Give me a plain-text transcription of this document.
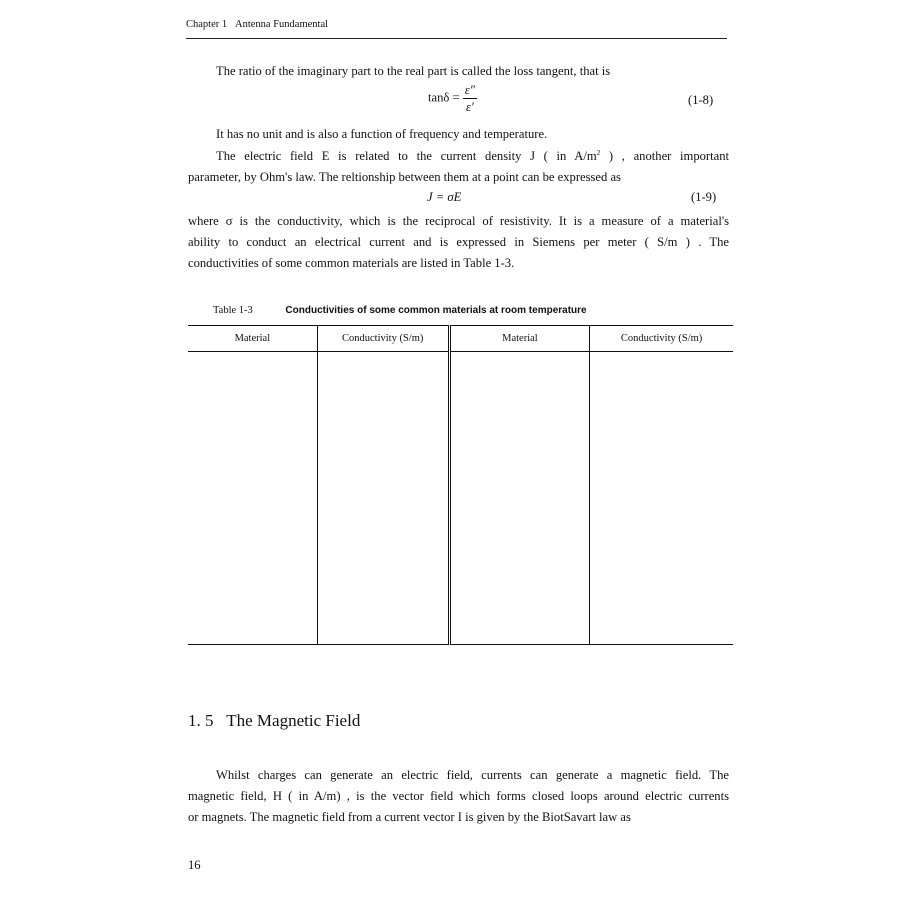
Chapter 1 Antenna Fundamental

The ratio of the imaginary part to the real part is called the loss tangent, that is

$\tan\delta = \frac{\varepsilon''}{\varepsilon'}$	(1-8)

It has no unit and is also a function of frequency and temperature.

The electric field E is related to the current density J ( in $A/m^2$ ) , another important

parameter, by Ohm's law. The reltionship between them at a point can be expressed as

J = σE	(1-9)

where σ is the conductivity, which is the reciprocal of resistivity. It is a measure of a material's

ability to conduct an electrical current and is expressed in Siemens per meter ( S/m ) . The

conductivities of some common materials are listed in Table 1-3.

Table 1-3	Conductivities of some common materials at room temperature
Material	Conductivity (S/m)	Material	Conductivity (S/m)

1. 5 The Magnetic Field

Whilst charges can generate an electric field, currents can generate a magnetic field. The

magnetic field, H ( in A/m) , is the vector field which forms closed loops around electric currents

or magnets. The magnetic field from a current vector I is given by the BiotSavart law as

16
